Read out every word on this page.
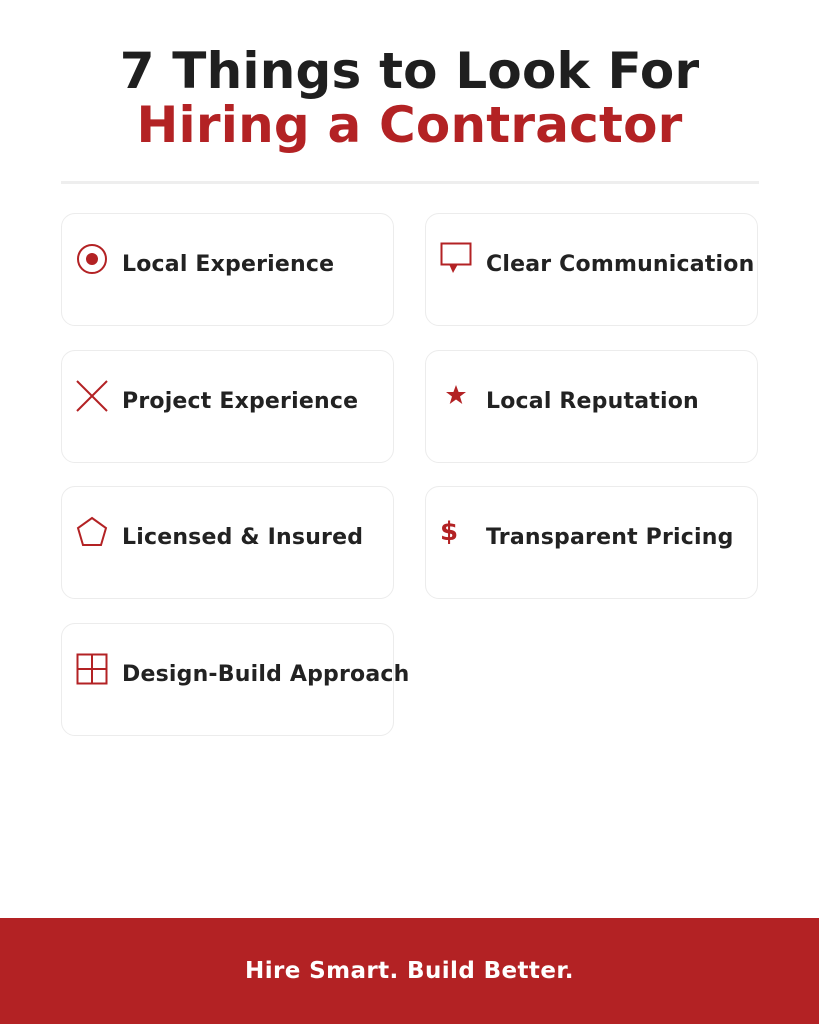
7 Things to Look For
Hiring a Contractor
Local Experience	Clear Communication
Project Experience	Local Reputation
Licensed & Insured	$ Transparent Pricing
Design-Build Approach
Hire Smart. Build Better.
